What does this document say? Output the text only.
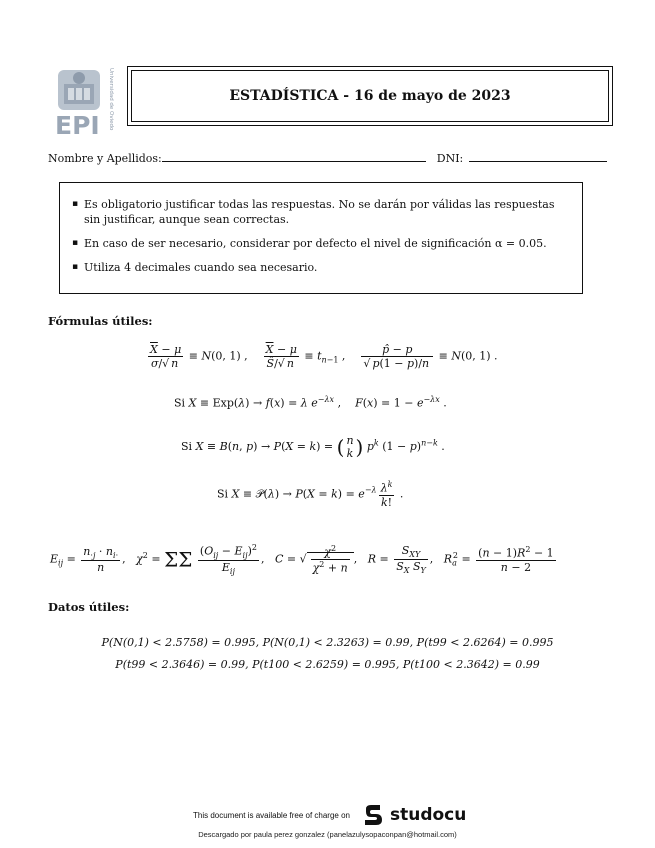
EPI Universidad de Oviedo	ESTADÍSTICA - 16 de mayo de 2023
Nombre y Apellidos:	DNI:
▪ Es obligatorio justificar todas las respuestas. No se darán por válidas las respuestas sin justificar, aunque sean correctas.
▪ En caso de ser necesario, considerar por defecto el nivel de significación α = 0.05.
▪ Utiliza 4 decimales cuando sea necesario.
Fórmulas útiles:
$\frac{\overline{X} - \mu}{\sigma/√ n} \equiv N(0$, 1) , $\frac{\overline{X} - \mu}{Ŝ/√ n} \equiv t_{n-1}$ , $\frac{p̂ - p}{√ p(1 - p)/n} \equiv N(0$, 1) .
Si X ≡ Exp(λ) → f(x) = λ $e^{-\lambda x}$ ,    $F(x) = 1 - e^{-\lambda x}$ .
Si X ≡ B(n, p) → P(X = k) = ( n
k ) $p^k$ $(1 - p)^{n-k}$ .
Si X ≡ 𝒫(λ) → $P(X = k) = e^{-\lambda} \frac{\lambda^k}{k!}$ .
$E_{ij} = \frac{n_{\cdot j} \cdot n_{i\cdot}}{n}$ ,   $\chi^2 = \Sigma\Sigma \frac{(O_{ij} - E_{ij})^2}{E_{ij}}$ ,   C = √ $\frac{\chi^2}{\chi^2 + n}$ ,   $R = \frac{S_{XY}}{S_X S_Y}$ ,   $R_a^2 = \frac{(n - 1)R^2 - 1}{n - 2}$
Datos útiles:
P(N(0,1) < 2.5758) = 0.995, P(N(0,1) < 2.3263) = 0.99, P(t99 < 2.6264) = 0.995
P(t99 < 2.3646) = 0.99, P(t100 < 2.6259) = 0.995, P(t100 < 2.3642) = 0.99
This document is available free of charge on studocu
Descargado por paula perez gonzalez (panelazulysopaconpan@hotmail.com)
